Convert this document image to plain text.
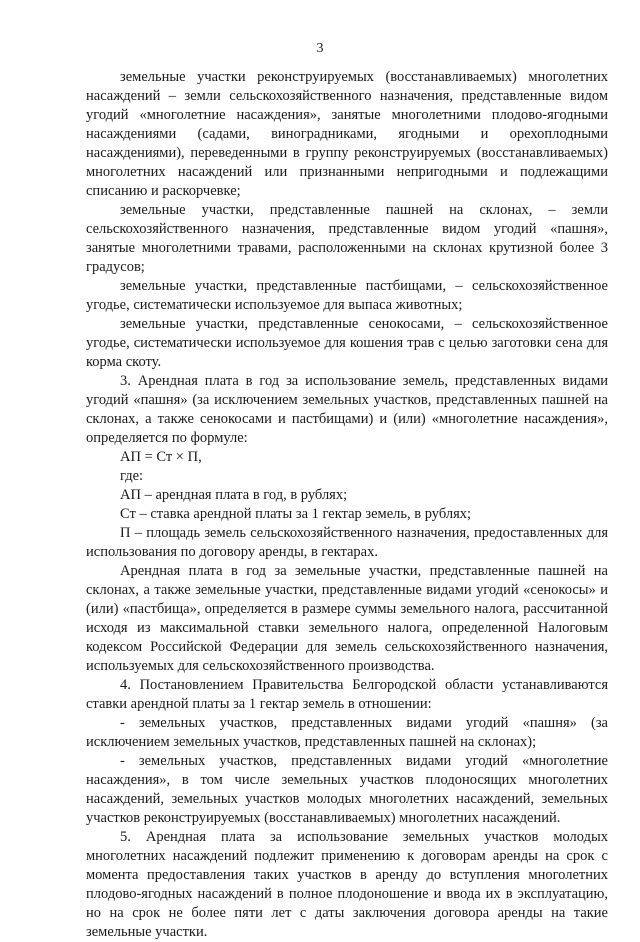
3

земельные участки реконструируемых (восстанавливаемых) многолетних насаждений – земли сельскохозяйственного назначения, представленные видом угодий «многолетние насаждения», занятые многолетними плодово-ягодными насаждениями (садами, виноградниками, ягодными и орехоплодными насаждениями), переведенными в группу реконструируемых (восстанавливаемых) многолетних насаждений или признанными непригодными и подлежащими списанию и раскорчевке;

земельные участки, представленные пашней на склонах, – земли сельскохозяйственного назначения, представленные видом угодий «пашня», занятые многолетними травами, расположенными на склонах крутизной более 3 градусов;

земельные участки, представленные пастбищами, – сельскохозяйственное угодье, систематически используемое для выпаса животных;

земельные участки, представленные сенокосами, – сельскохозяйственное угодье, систематически используемое для кошения трав с целью заготовки сена для корма скоту.

3. Арендная плата в год за использование земель, представленных видами угодий «пашня» (за исключением земельных участков, представленных пашней на склонах, а также сенокосами и пастбищами) и (или) «многолетние насаждения», определяется по формуле:

АП = Ст × П,

где:

АП – арендная плата в год, в рублях;

Ст – ставка арендной платы за 1 гектар земель, в рублях;

П – площадь земель сельскохозяйственного назначения, предоставленных для использования по договору аренды, в гектарах.

Арендная плата в год за земельные участки, представленные пашней на склонах, а также земельные участки, представленные видами угодий «сенокосы» и (или) «пастбища», определяется в размере суммы земельного налога, рассчитанной исходя из максимальной ставки земельного налога, определенной Налоговым кодексом Российской Федерации для земель сельскохозяйственного назначения, используемых для сельскохозяйственного производства.

4. Постановлением Правительства Белгородской области устанавливаются ставки арендной платы за 1 гектар земель в отношении:

- земельных участков, представленных видами угодий «пашня» (за исключением земельных участков, представленных пашней на склонах);

- земельных участков, представленных видами угодий «многолетние насаждения», в том числе земельных участков плодоносящих многолетних насаждений, земельных участков молодых многолетних насаждений, земельных участков реконструируемых (восстанавливаемых) многолетних насаждений.

5. Арендная плата за использование земельных участков молодых многолетних насаждений подлежит применению к договорам аренды на срок с момента предоставления таких участков в аренду до вступления многолетних плодово-ягодных насаждений в полное плодоношение и ввода их в эксплуатацию, но на срок не более пяти лет с даты заключения договора аренды на такие земельные участки.
